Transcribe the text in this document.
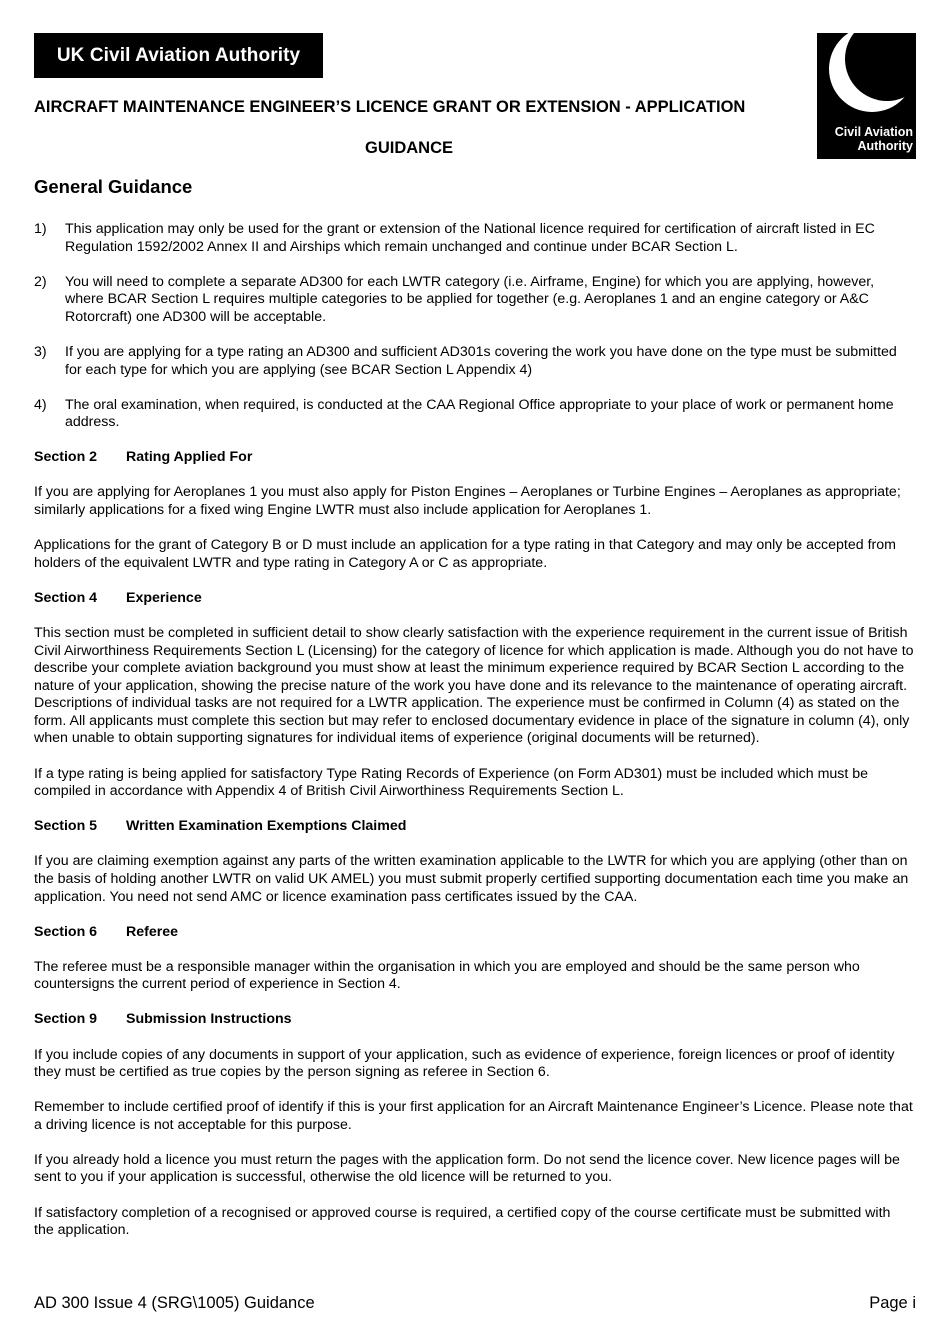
UK Civil Aviation Authority
Civil Aviation
Authority
AIRCRAFT MAINTENANCE ENGINEER’S LICENCE GRANT OR EXTENSION - APPLICATION
GUIDANCE
General Guidance
1)	This application may only be used for the grant or extension of the National licence required for certification of aircraft listed in EC Regulation 1592/2002 Annex II and Airships which remain unchanged and continue under BCAR Section L.
2)	You will need to complete a separate AD300 for each LWTR category (i.e. Airframe, Engine) for which you are applying, however, where BCAR Section L requires multiple categories to be applied for together (e.g. Aeroplanes 1 and an engine category or A&C Rotorcraft) one AD300 will be acceptable.
3)	If you are applying for a type rating an AD300 and sufficient AD301s covering the work you have done on the type must be submitted for each type for which you are applying (see BCAR Section L Appendix 4)
4)	The oral examination, when required, is conducted at the CAA Regional Office appropriate to your place of work or permanent home address.
Section 2	Rating Applied For

If you are applying for Aeroplanes 1 you must also apply for Piston Engines – Aeroplanes or Turbine Engines – Aeroplanes as appropriate; similarly applications for a fixed wing Engine LWTR must also include application for Aeroplanes 1.

Applications for the grant of Category B or D must include an application for a type rating in that Category and may only be accepted from holders of the equivalent LWTR and type rating in Category A or C as appropriate.

Section 4	Experience

This section must be completed in sufficient detail to show clearly satisfaction with the experience requirement in the current issue of British Civil Airworthiness Requirements Section L (Licensing) for the category of licence for which application is made. Although you do not have to describe your complete aviation background you must show at least the minimum experience required by BCAR Section L according to the nature of your application, showing the precise nature of the work you have done and its relevance to the maintenance of operating aircraft. Descriptions of individual tasks are not required for a LWTR application. The experience must be confirmed in Column (4) as stated on the form. All applicants must complete this section but may refer to enclosed documentary evidence in place of the signature in column (4), only when unable to obtain supporting signatures for individual items of experience (original documents will be returned).

If a type rating is being applied for satisfactory Type Rating Records of Experience (on Form AD301) must be included which must be compiled in accordance with Appendix 4 of British Civil Airworthiness Requirements Section L.

Section 5	Written Examination Exemptions Claimed

If you are claiming exemption against any parts of the written examination applicable to the LWTR for which you are applying (other than on the basis of holding another LWTR on valid UK AMEL) you must submit properly certified supporting documentation each time you make an application. You need not send AMC or licence examination pass certificates issued by the CAA.

Section 6	Referee

The referee must be a responsible manager within the organisation in which you are employed and should be the same person who countersigns the current period of experience in Section 4.

Section 9	Submission Instructions

If you include copies of any documents in support of your application, such as evidence of experience, foreign licences or proof of identity they must be certified as true copies by the person signing as referee in Section 6.

Remember to include certified proof of identify if this is your first application for an Aircraft Maintenance Engineer’s Licence. Please note that a driving licence is not acceptable for this purpose.

If you already hold a licence you must return the pages with the application form. Do not send the licence cover. New licence pages will be sent to you if your application is successful, otherwise the old licence will be returned to you.

If satisfactory completion of a recognised or approved course is required, a certified copy of the course certificate must be submitted with the application.

AD 300 Issue 4 (SRG\1005) Guidance	Page i
